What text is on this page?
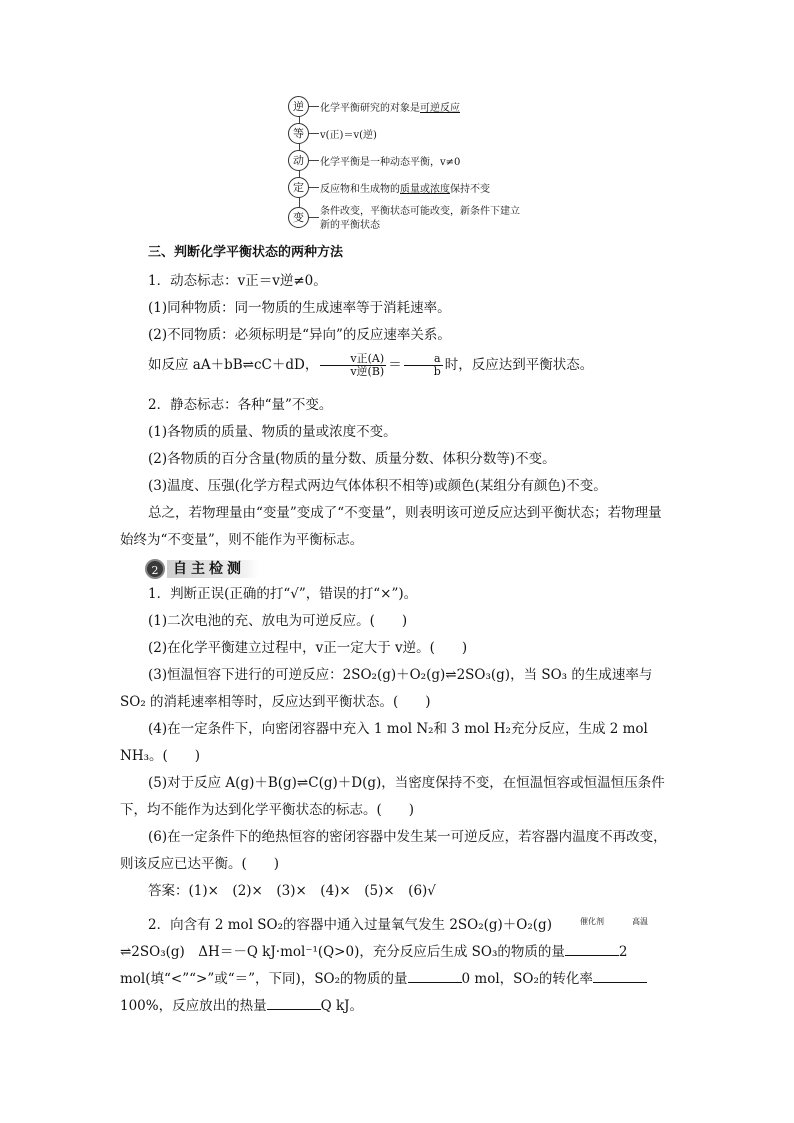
逆	化学平衡研究的对象是可逆反应
等	v(正)＝v(逆)
动	化学平衡是一种动态平衡，v≠0
定	反应物和生成物的质量或浓度保持不变
变	条件改变，平衡状态可能改变，新条件下建立
新的平衡状态
三、判断化学平衡状态的两种方法
1．动态标志：v正＝v逆≠0。
(1)同种物质：同一物质的生成速率等于消耗速率。
(2)不同物质：必须标明是“异向”的反应速率关系。
如反应 aA＋bB⇌cC＋dD， $\frac{\text{v正(A)}}{\text{v逆(B)}} = \frac{a}{b}$ 时，反应达到平衡状态。
2．静态标志：各种“量”不变。
(1)各物质的质量、物质的量或浓度不变。
(2)各物质的百分含量(物质的量分数、质量分数、体积分数等)不变。
(3)温度、压强(化学方程式两边气体体积不相等)或颜色(某组分有颜色)不变。
总之，若物理量由“变量”变成了“不变量”，则表明该可逆反应达到平衡状态；若物理量始终为“不变量”，则不能作为平衡标志。
2	自主检测
1．判断正误(正确的打“√”，错误的打“×”)。
(1)二次电池的充、放电为可逆反应。(　　)
(2)在化学平衡建立过程中，v正一定大于 v逆。(　　)
(3)恒温恒容下进行的可逆反应：2SO₂(g)＋O₂(g)⇌2SO₃(g)，当 SO₃ 的生成速率与 SO₂ 的消耗速率相等时，反应达到平衡状态。(　　)
(4)在一定条件下，向密闭容器中充入 1 mol N₂和 3 mol H₂充分反应，生成 2 mol NH₃。(　　)
(5)对于反应 A(g)＋B(g)⇌C(g)＋D(g)，当密度保持不变，在恒温恒容或恒温恒压条件下，均不能作为达到化学平衡状态的标志。(　　)
(6)在一定条件下的绝热恒容的密闭容器中发生某一可逆反应，若容器内温度不再改变，则该反应已达平衡。(　　)
答案：(1)×　(2)×　(3)×　(4)×　(5)×　(6)√
2．向含有 2 mol SO₂的容器中通入过量氧气发生 2SO₂(g)＋O₂(g)	催化剂	高温⇌2SO₃(g)　ΔH＝－Q kJ·mol⁻¹(Q>0)，充分反应后生成 SO₃的物质的量	2 mol(填“<”“>”或“＝”，下同)，SO₂的物质的量	0 mol，SO₂的转化率100%，反应放出的热量	Q kJ。
